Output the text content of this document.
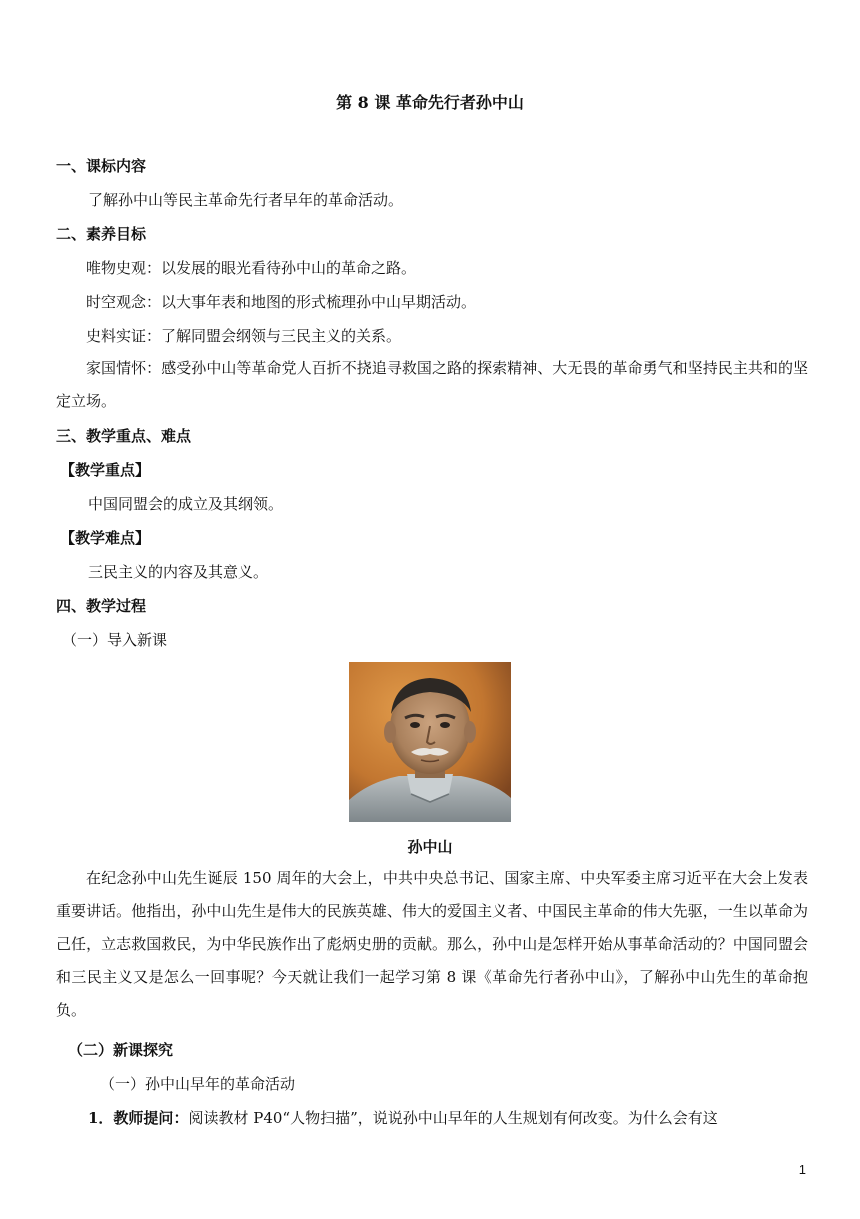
第 8 课 革命先行者孙中山
一、课标内容
了解孙中山等民主革命先行者早年的革命活动。
二、素养目标
唯物史观：以发展的眼光看待孙中山的革命之路。
时空观念：以大事年表和地图的形式梳理孙中山早期活动。
史料实证：了解同盟会纲领与三民主义的关系。
家国情怀：感受孙中山等革命党人百折不挠追寻救国之路的探索精神、大无畏的革命勇气和坚持民主共和的坚定立场。
三、教学重点、难点
【教学重点】
中国同盟会的成立及其纲领。
【教学难点】
三民主义的内容及其意义。
四、教学过程
（一）导入新课
孙中山
在纪念孙中山先生诞辰 150 周年的大会上，中共中央总书记、国家主席、中央军委主席习近平在大会上发表重要讲话。他指出，孙中山先生是伟大的民族英雄、伟大的爱国主义者、中国民主革命的伟大先驱，一生以革命为己任，立志救国救民，为中华民族作出了彪炳史册的贡献。那么，孙中山是怎样开始从事革命活动的？中国同盟会和三民主义又是怎么一回事呢？今天就让我们一起学习第 8 课《革命先行者孙中山》，了解孙中山先生的革命抱负。
（二）新课探究
（一）孙中山早年的革命活动
1．教师提问：阅读教材 P40“人物扫描”，说说孙中山早年的人生规划有何改变。为什么会有这
1
